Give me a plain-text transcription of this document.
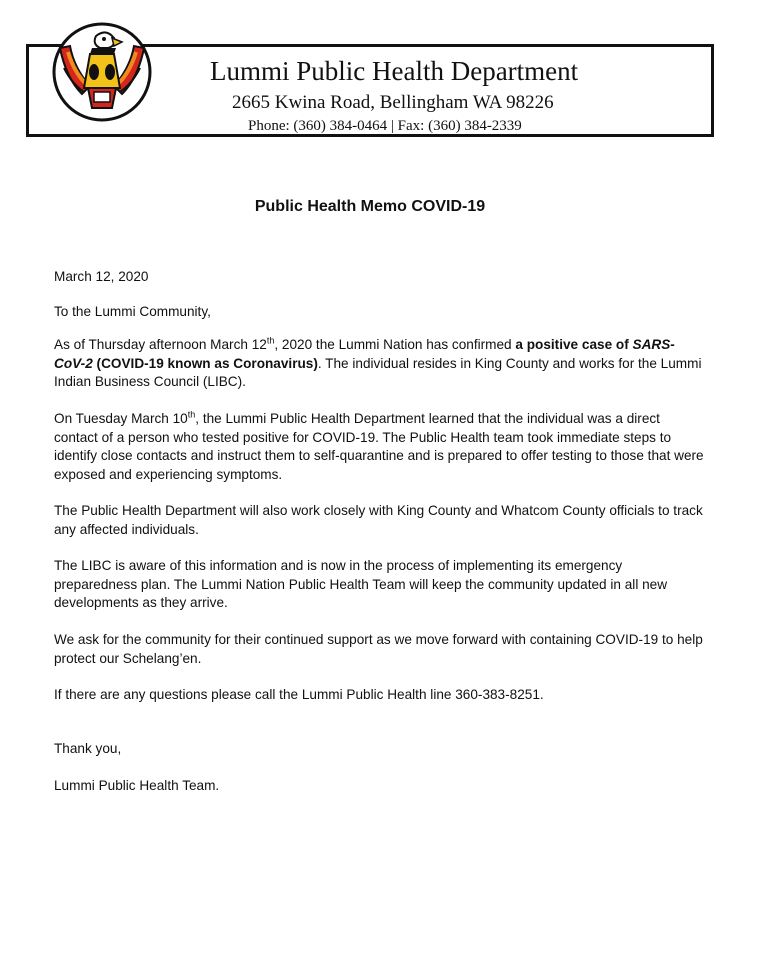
Lummi Public Health Department
2665 Kwina Road, Bellingham WA 98226
Phone: (360) 384-0464 | Fax: (360) 384-2339
Public Health Memo COVID-19
March 12, 2020
To the Lummi Community,
As of Thursday afternoon March 12th, 2020 the Lummi Nation has confirmed a positive case of SARS-CoV-2 (COVID-19 known as Coronavirus). The individual resides in King County and works for the Lummi Indian Business Council (LIBC).
On Tuesday March 10th, the Lummi Public Health Department learned that the individual was a direct contact of a person who tested positive for COVID-19. The Public Health team took immediate steps to identify close contacts and instruct them to self-quarantine and is prepared to offer testing to those that were exposed and experiencing symptoms.
The Public Health Department will also work closely with King County and Whatcom County officials to track any affected individuals.
The LIBC is aware of this information and is now in the process of implementing its emergency preparedness plan. The Lummi Nation Public Health Team will keep the community updated in all new developments as they arrive.
We ask for the community for their continued support as we move forward with containing COVID-19 to help protect our Schelang’en.
If there are any questions please call the Lummi Public Health line 360-383-8251.
Thank you,
Lummi Public Health Team.
